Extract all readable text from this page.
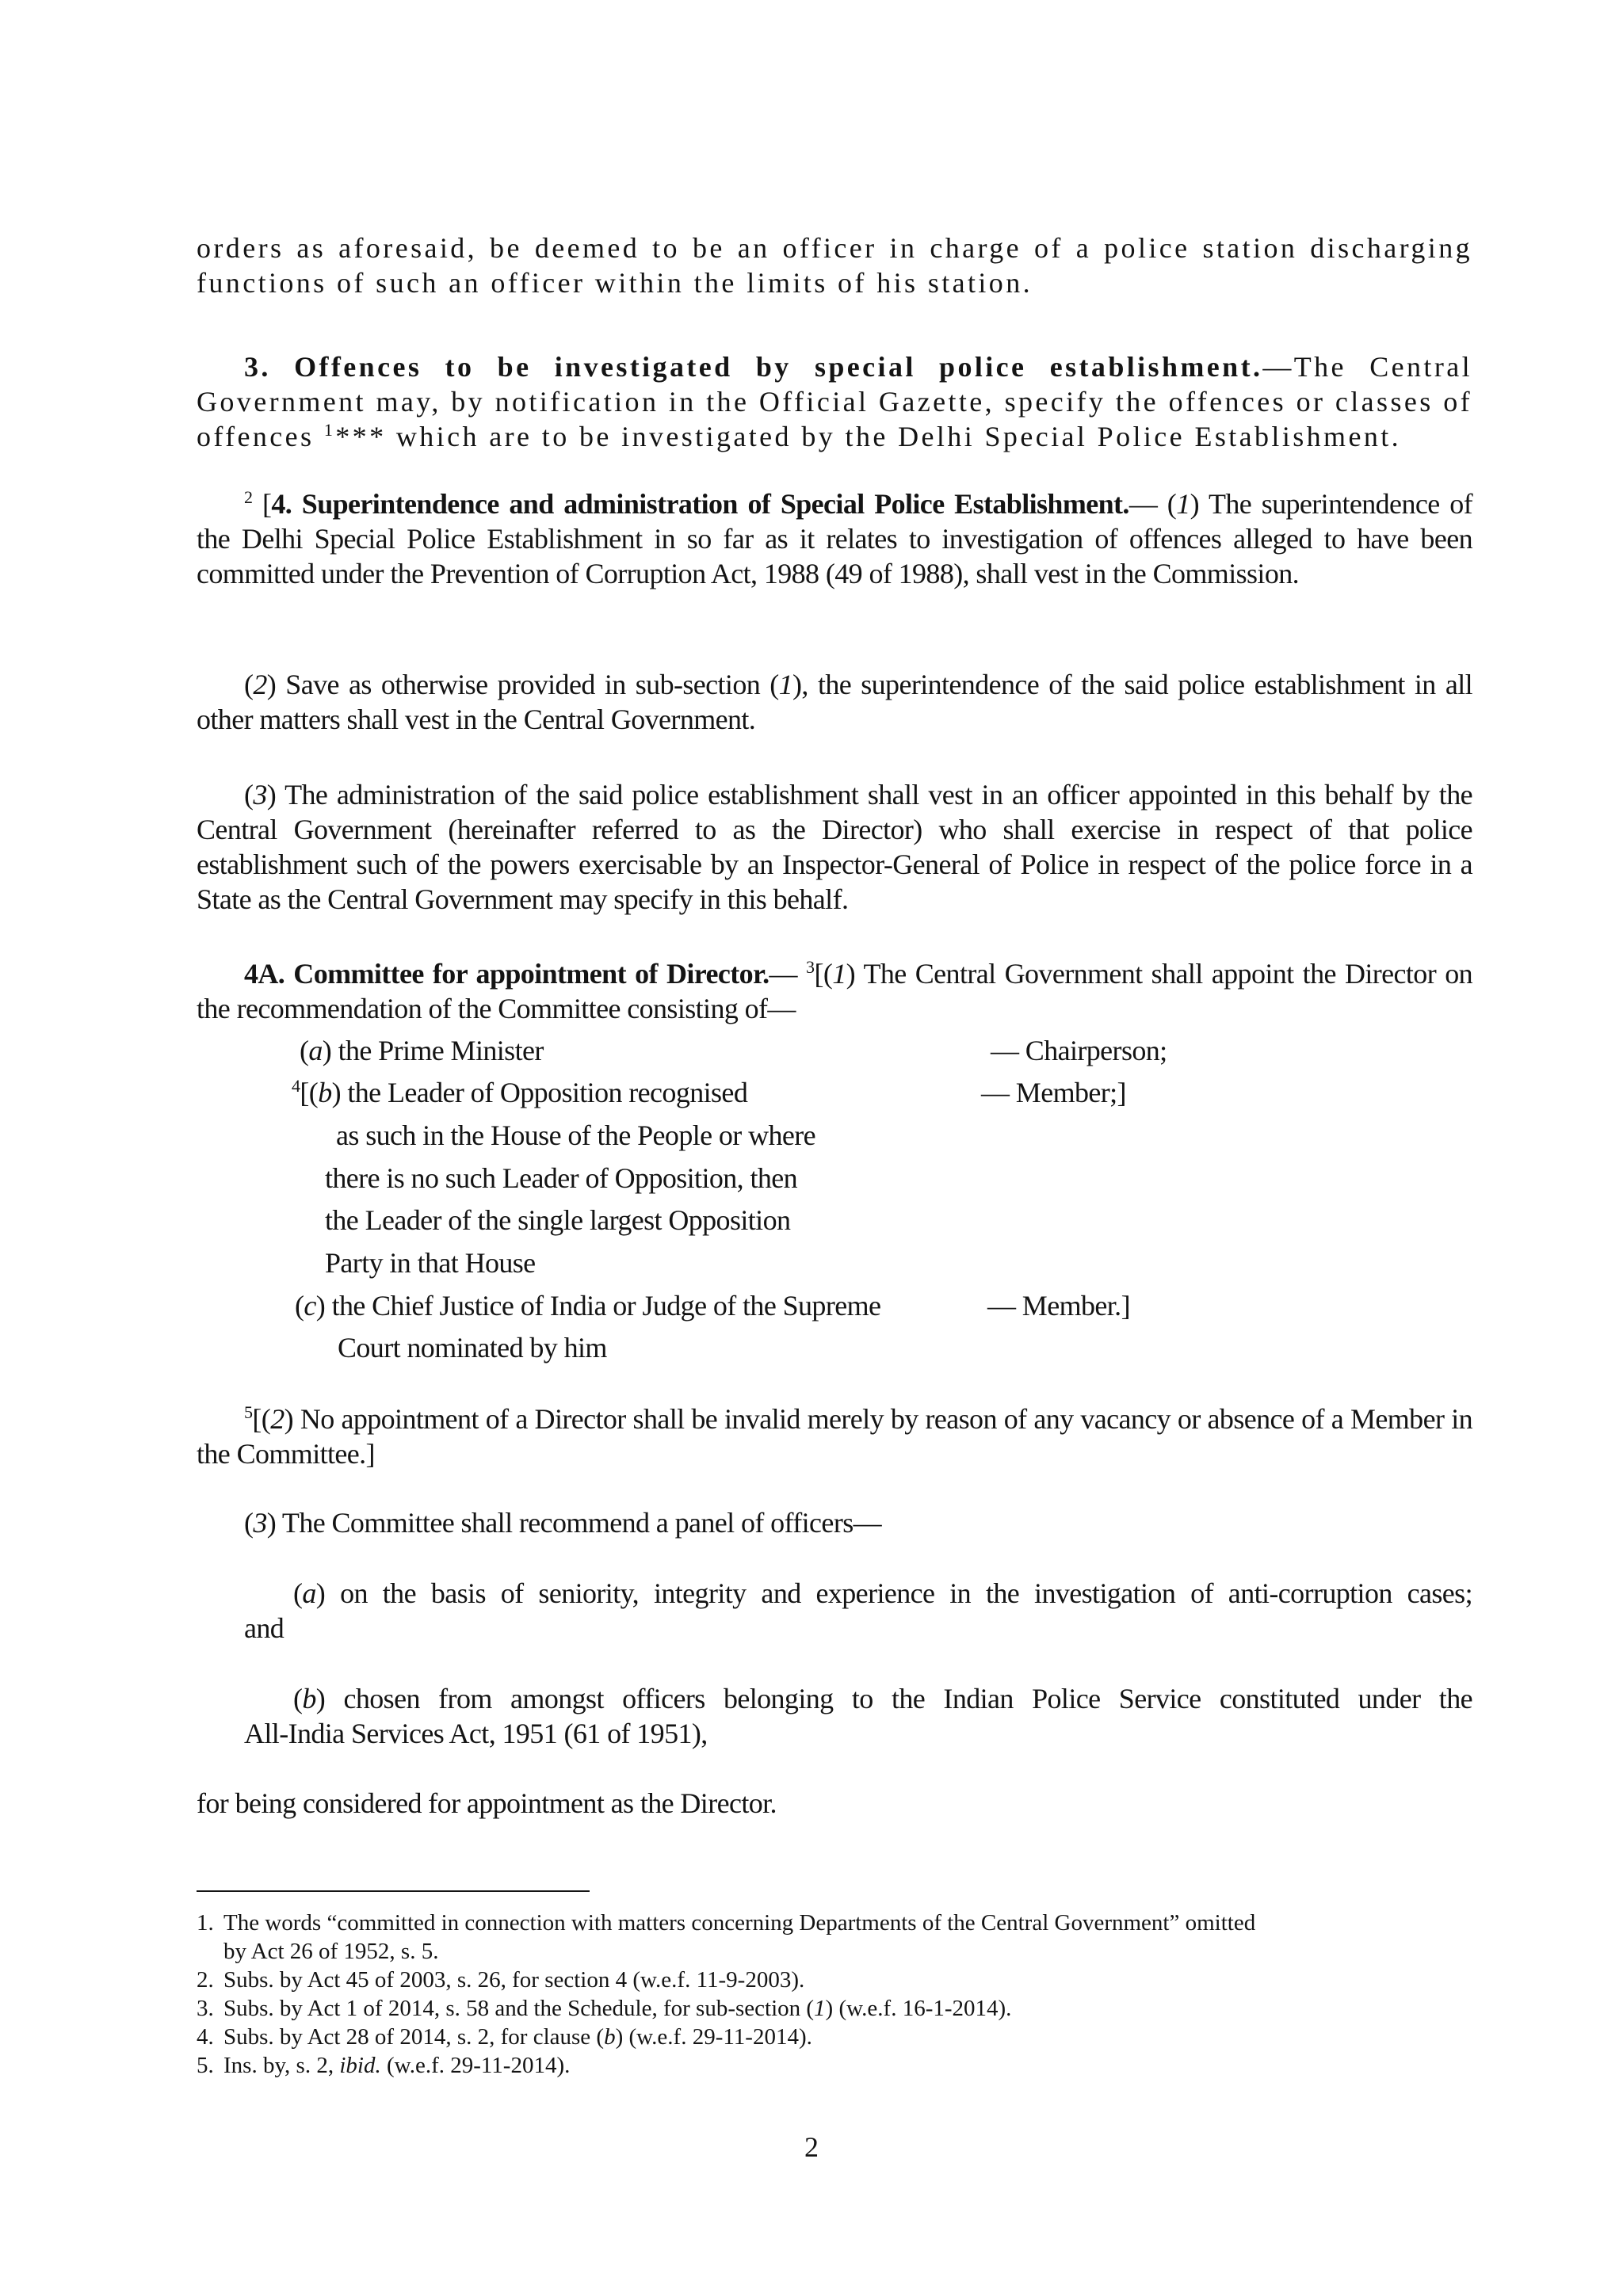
orders as aforesaid, be deemed to be an officer in charge of a police station discharging

functions of such an officer within the limits of his station.

3. Offences to be investigated by special police establishment.—The Central Government may, by notification in the Official Gazette, specify the offences or classes of offences $^1$*** which are to be investigated by the Delhi Special Police Establishment.

$^2$ [4. Superintendence and administration of Special Police Establishment.— (1) The superintendence of the Delhi Special Police Establishment in so far as it relates to investigation of offences alleged to have been committed under the Prevention of Corruption Act, 1988 (49 of 1988), shall vest in the Commission.

(2) Save as otherwise provided in sub-section (1), the superintendence of the said police establishment in all other matters shall vest in the Central Government.

(3) The administration of the said police establishment shall vest in an officer appointed in this behalf by the Central Government (hereinafter referred to as the Director) who shall exercise in respect of that police establishment such of the powers exercisable by an Inspector-General of Police in respect of the police force in a State as the Central Government may specify in this behalf.

4A. Committee for appointment of Director.— $^3$[(1) The Central Government shall appoint the Director on the recommendation of the Committee consisting of—

(a) the Prime Minister	— Chairperson;

$^4$[(b) the Leader of Opposition recognised	— Member;]

as such in the House of the People or where

there is no such Leader of Opposition, then

the Leader of the single largest Opposition

Party in that House

(c) the Chief Justice of India or Judge of the Supreme	— Member.]

Court nominated by him

$^5$[(2) No appointment of a Director shall be invalid merely by reason of any vacancy or absence of a Member in the Committee.]

(3) The Committee shall recommend a panel of officers—

(a) on the basis of seniority, integrity and experience in the investigation of anti-corruption cases;

and

(b) chosen from amongst officers belonging to the Indian Police Service constituted under the

All-India Services Act, 1951 (61 of 1951),

for being considered for appointment as the Director.

1. The words “committed in connection with matters concerning Departments of the Central Government” omitted
by Act 26 of 1952, s. 5.

2. Subs. by Act 45 of 2003, s. 26, for section 4 (w.e.f. 11-9-2003).

3. Subs. by Act 1 of 2014, s. 58 and the Schedule, for sub-section (1) (w.e.f. 16-1-2014).

4. Subs. by Act 28 of 2014, s. 2, for clause (b) (w.e.f. 29-11-2014).

5. Ins. by, s. 2, ibid. (w.e.f. 29-11-2014).

2
